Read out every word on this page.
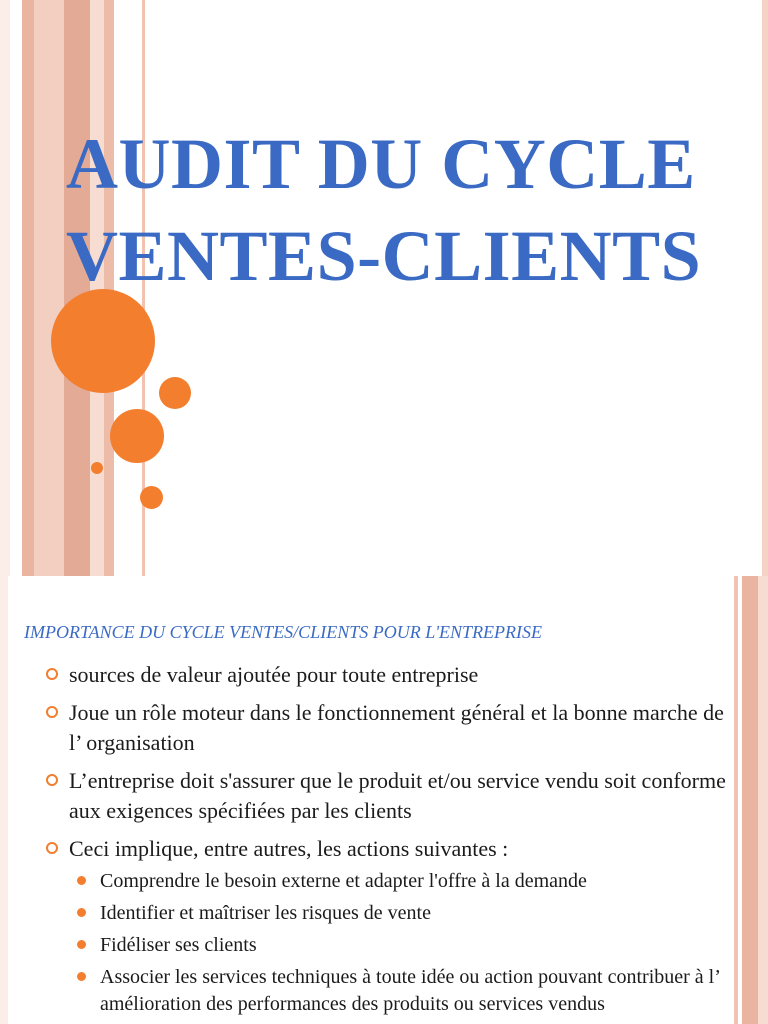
AUDIT DU CYCLE VENTES-CLIENTS
IMPORTANCE DU CYCLE VENTES/CLIENTS POUR L'ENTREPRISE
sources de valeur ajoutée pour toute entreprise
Joue un rôle moteur dans le fonctionnement général et la bonne marche de l’ organisation
L’entreprise doit s'assurer que le produit et/ou service vendu soit conforme aux exigences spécifiées par les clients
Ceci implique, entre autres, les actions suivantes :
Comprendre le besoin externe et adapter l'offre à la demande
Identifier et maîtriser les risques de vente
Fidéliser ses clients
Associer les services techniques à toute idée ou action pouvant contribuer à l’ amélioration des performances des produits ou services vendus
